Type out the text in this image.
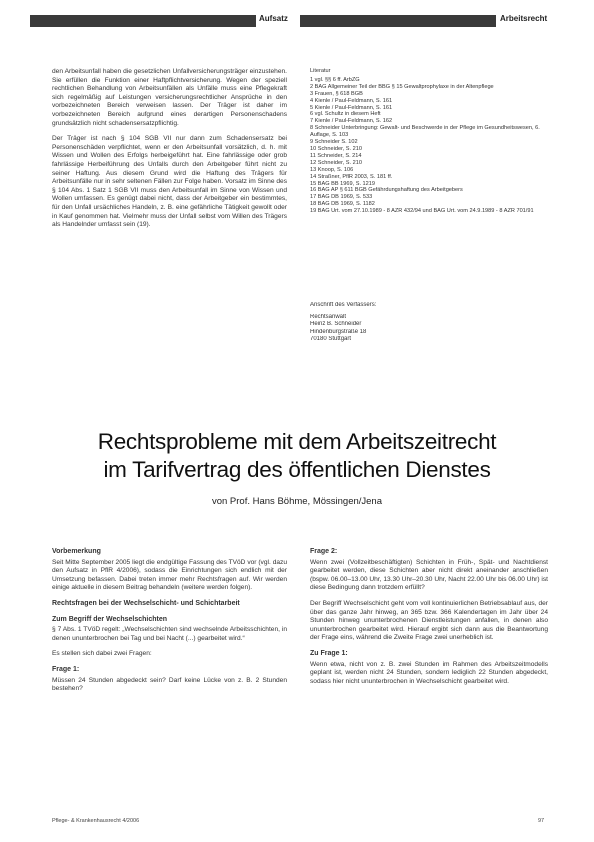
Aufsatz	Arbeitsrecht

den Arbeitsunfall haben die gesetzlichen Unfallversicherungsträger einzustehen. Sie erfüllen die Funktion einer Haftpflichtversicherung. Wegen der speziell rechtlichen Behandlung von Arbeitsunfällen als Unfälle muss eine Pflegekraft sich regelmäßig auf Leistungen versicherungsrechtlicher Ansprüche in den vorbezeichneten Bereich verweisen lassen. Der Träger ist daher im vorbezeichneten Bereich aufgrund eines derartigen Personenschadens grundsätzlich nicht schadensersatzpflichtig.

Der Träger ist nach § 104 SGB VII nur dann zum Schadensersatz bei Personenschäden verpflichtet, wenn er den Arbeitsunfall vorsätzlich, d. h. mit Wissen und Wollen des Erfolgs herbeigeführt hat. Eine fahrlässige oder grob fahrlässige Herbeiführung des Unfalls durch den Arbeitgeber führt nicht zu seiner Haftung. Aus diesem Grund wird die Haftung des Trägers für Arbeitsunfälle nur in sehr seltenen Fällen zur Folge haben. Vorsatz im Sinne des § 104 Abs. 1 Satz 1 SGB VII muss den Arbeitsunfall im Sinne von Wissen und Wollen umfassen. Es genügt dabei nicht, dass der Arbeitgeber ein bestimmtes, für den Unfall ursächliches Handeln, z. B. eine gefährliche Tätigkeit gewollt oder in Kauf genommen hat. Vielmehr muss der Unfall selbst vom Willen des Trägers als Handelnder umfasst sein (19).

Literatur
1 vgl. §§ 6 ff. ArbZG
2 BAG Allgemeiner Teil der BBG § 15 Gewaltprophylaxe in der Altenpflege
3 Frauen, § 618 BGB
4 Kienle / Paul-Feldmann, S. 161
5 Kienle / Paul-Feldmann, S. 161
6 vgl. Schultz in diesem Heft
7 Kienle / Paul-Feldmann, S. 162
8 Schneider Unterbringung: Gewalt- und Beschwerde in der Pflege im Gesundheitswesen, 6. Auflage, S. 103
9 Schneider S. 102
10 Schneider, S. 210
11 Schneider, S. 214
12 Schneider, S. 210
13 Knoop, S. 106
14 Straßner, PflR 2003, S. 181 ff.
15 BAG BB 1969, S. 1219
16 BAG AP § 611 BGB Gefährdungshaftung des Arbeitgebers
17 BAG DB 1969, S. 533
18 BAG DB 1969, S. 1182
19 BAG Urt. vom 27.10.1989 - 8 AZR 432/94 und BAG Urt. vom 24.9.1989 - 8 AZR 701/91
Anschrift des Verfassers:
Rechtsanwalt
Heinz B. Schneider
Hindenburgstraße 18
70180 Stuttgart
Rechtsprobleme mit dem Arbeitszeitrecht
im Tarifvertrag des öffentlichen Dienstes
von Prof. Hans Böhme, Mössingen/Jena
Vorbemerkung

Seit Mitte September 2005 liegt die endgültige Fassung des TVöD vor (vgl. dazu den Aufsatz in PflR 4/2006), sodass die Einrichtungen sich endlich mit der Umsetzung befassen. Dabei treten immer mehr Rechtsfragen auf. Wir werden einige aktuelle in diesem Beitrag behandeln (weitere werden folgen).

Rechtsfragen bei der Wechselschicht- und Schichtarbeit
Zum Begriff der Wechselschichten

§ 7 Abs. 1 TVöD regelt: „Wechselschichten sind wechselnde Arbeitsschichten, in denen ununterbrochen bei Tag und bei Nacht (...) gearbeitet wird.“

Es stellen sich dabei zwei Fragen:

Frage 1:

Müssen 24 Stunden abgedeckt sein? Darf keine Lücke von z. B. 2 Stunden bestehen?

Frage 2:

Wenn zwei (Vollzeitbeschäftigten) Schichten in Früh-, Spät- und Nachtdienst gearbeitet werden, diese Schichten aber nicht direkt aneinander anschließen (bspw. 06.00–13.00 Uhr, 13.30 Uhr–20.30 Uhr, Nacht 22.00 Uhr bis 06.00 Uhr) ist diese Bedingung dann trotzdem erfüllt?

Der Begriff Wechselschicht geht vom voll kontinuierlichen Betriebsablauf aus, der über das ganze Jahr hinweg, an 365 bzw. 366 Kalendertagen im Jahr über 24 Stunden hinweg ununterbrochenen Dienstleistungen anfallen, in denen also ununterbrochen gearbeitet wird. Hierauf ergibt sich dann aus die Beantwortung der Frage eins, während die Zweite Frage zwei unerheblich ist.

Zu Frage 1:

Wenn etwa, nicht von z. B. zwei Stunden im Rahmen des Arbeitszeitmodells geplant ist, werden nicht 24 Stunden, sondern lediglich 22 Stunden abgedeckt, sodass hier nicht ununterbrochen in Wechselschicht gearbeitet wird.

Pflege- & Krankenhausrecht 4/2006	97
